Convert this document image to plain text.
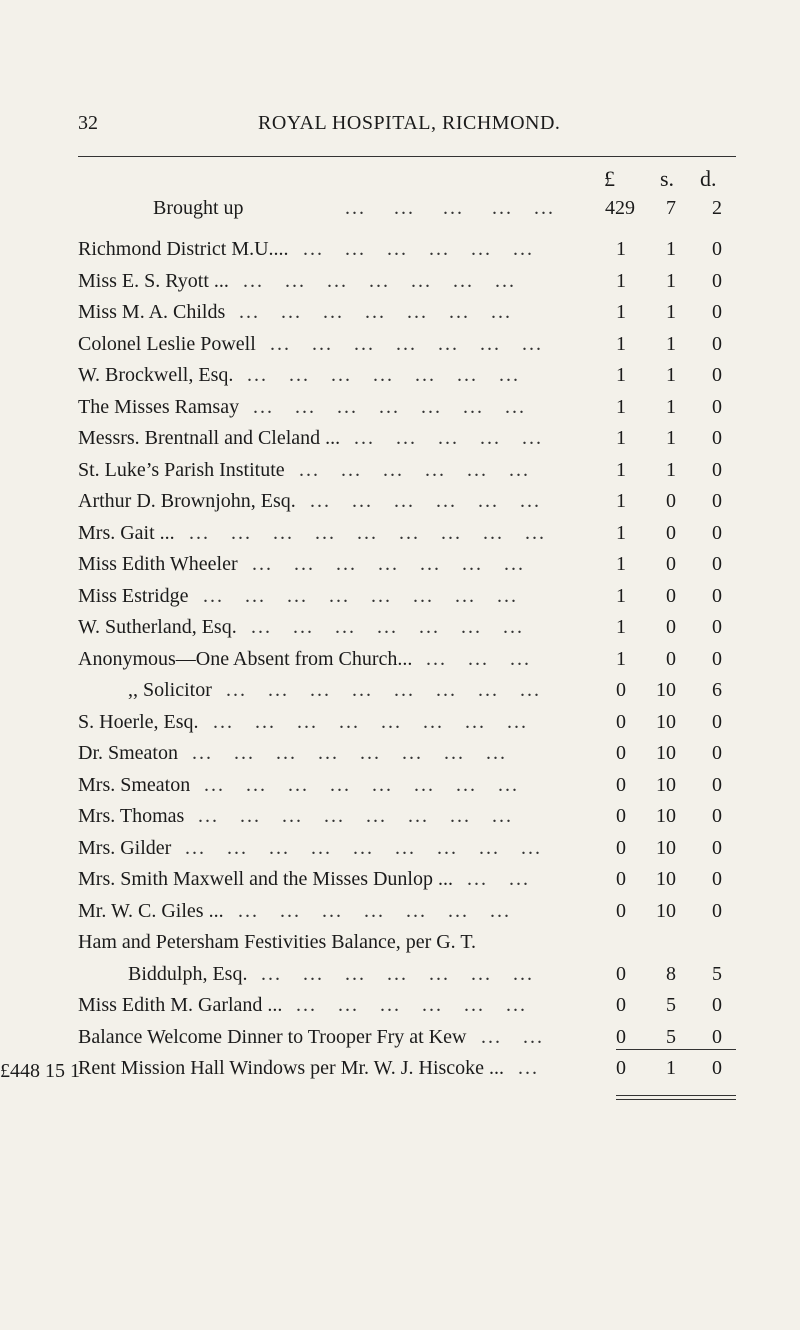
32	ROYAL HOSPITAL, RICHMOND.
£ s. d.
Brought up	...    ...    ...    ...   ...	429	7	2
Richmond District M.U.... ...   ...   ...   ...   ...   ...	1	1	0
Miss E. S. Ryott ... ...   ...   ...   ...   ...   ...   ...	1	1	0
Miss M. A. Childs ...   ...   ...   ...   ...   ...   ...	1	1	0
Colonel Leslie Powell ...   ...   ...   ...   ...   ...   ...	1	1	0
W. Brockwell, Esq. ...   ...   ...   ...   ...   ...   ...	1	1	0
The Misses Ramsay ...   ...   ...   ...   ...   ...   ...	1	1	0
Messrs. Brentnall and Cleland ... ...   ...   ...   ...   ...	1	1	0
St. Luke’s Parish Institute ...   ...   ...   ...   ...   ...	1	1	0
Arthur D. Brownjohn, Esq. ...   ...   ...   ...   ...   ...	1	0	0
Mrs. Gait ... ...   ...   ...   ...   ...   ...   ...   ...   ...	1	0	0
Miss Edith Wheeler ...   ...   ...   ...   ...   ...   ...	1	0	0
Miss Estridge ...   ...   ...   ...   ...   ...   ...   ...	1	0	0
W. Sutherland, Esq. ...   ...   ...   ...   ...   ...   ...	1	0	0
Anonymous—One Absent from Church... ...   ...   ...	1	0	0
,, Solicitor ...   ...   ...   ...   ...   ...   ...   ...	0	10	6
S. Hoerle, Esq. ...   ...   ...   ...   ...   ...   ...   ...	0	10	0
Dr. Smeaton ...   ...   ...   ...   ...   ...   ...   ...	0	10	0
Mrs. Smeaton ...   ...   ...   ...   ...   ...   ...   ...	0	10	0
Mrs. Thomas ...   ...   ...   ...   ...   ...   ...   ...	0	10	0
Mrs. Gilder ...   ...   ...   ...   ...   ...   ...   ...   ...	0	10	0
Mrs. Smith Maxwell and the Misses Dunlop ... ...   ...	0	10	0
Mr. W. C. Giles ... ...   ...   ...   ...   ...   ...   ...	0	10	0
Ham and Petersham Festivities Balance, per G. T.
Biddulph, Esq. ...   ...   ...   ...   ...   ...   ...	0	8	5
Miss Edith M. Garland ... ...   ...   ...   ...   ...   ...	0	5	0
Balance Welcome Dinner to Trooper Fry at Kew ...   ...	0	5	0
Rent Mission Hall Windows per Mr. W. J. Hiscoke ... ...	0	1	0
£448 15 1
